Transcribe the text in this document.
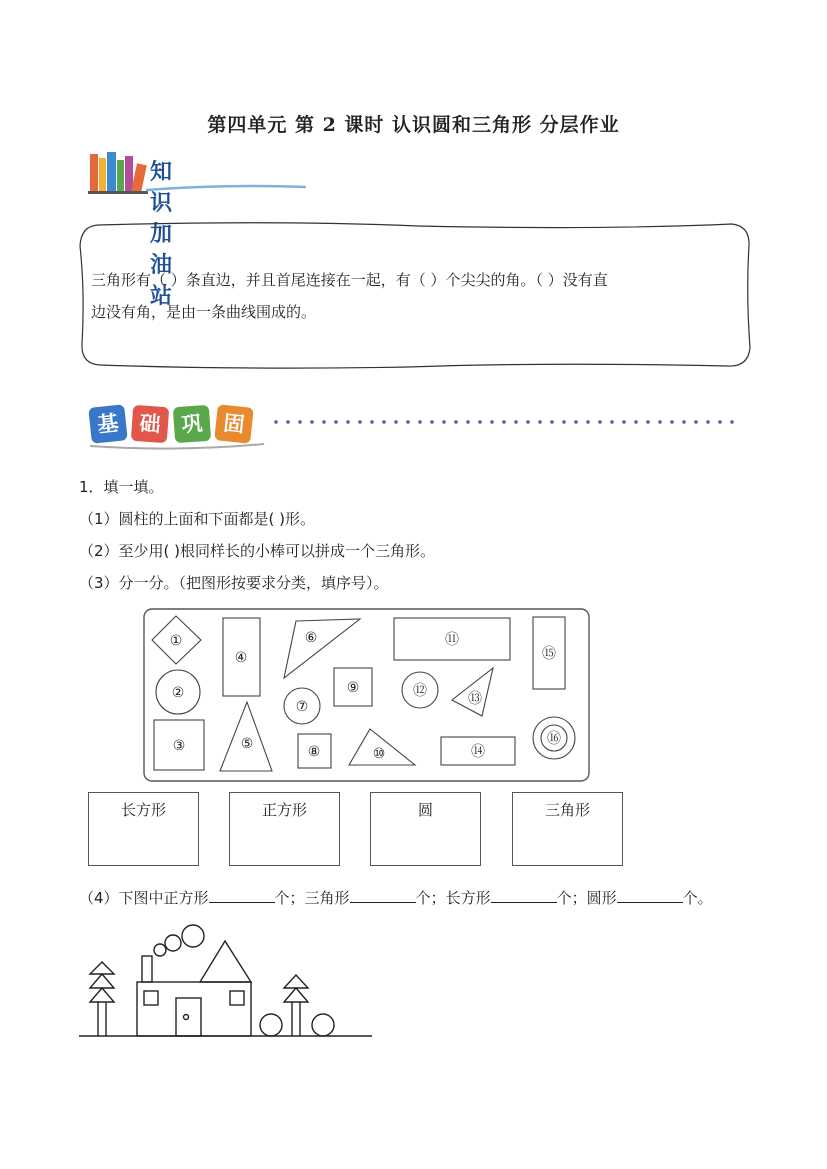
第四单元 第 2 课时 认识圆和三角形 分层作业
知识加油站
三角形有（ ）条直边，并且首尾连接在一起，有（ ）个尖尖的角。（ ）没有直
边没有角，是由一条曲线围成的。
基 础 巩 固
1．填一填。
（1）圆柱的上面和下面都是( )形。
（2）至少用( )根同样长的小棒可以拼成一个三角形。
（3）分一分。（把图形按要求分类，填序号）。
①
②
③
④
⑤
⑥
⑦
⑧
⑨
⑩
⑪
⑫	⑬
⑭
⑮
⑯
长方形	正方形	圆	三角形
（4）下图中正方形	个；三角形	个；长方形	个；圆形	个。
